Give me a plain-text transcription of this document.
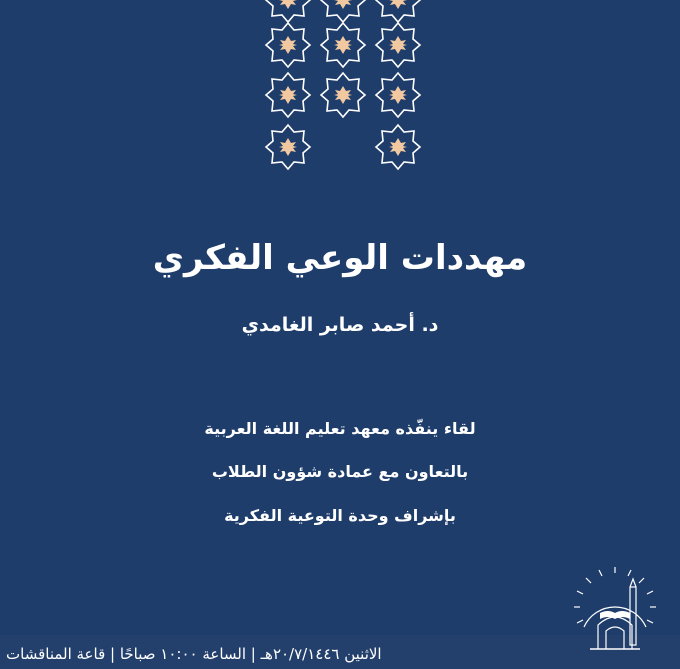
مهددات الوعي الفكري
د. أحمد صابر الغامدي
لقاء ينفّذه معهد تعليم اللغة العربية
بالتعاون مع عمادة شؤون الطلاب
بإشراف وحدة التوعية الفكرية
الاثنين ٢٠/٧/١٤٤٦هـ | الساعة ١٠:٠٠ صباحًا | قاعة المناقشات
